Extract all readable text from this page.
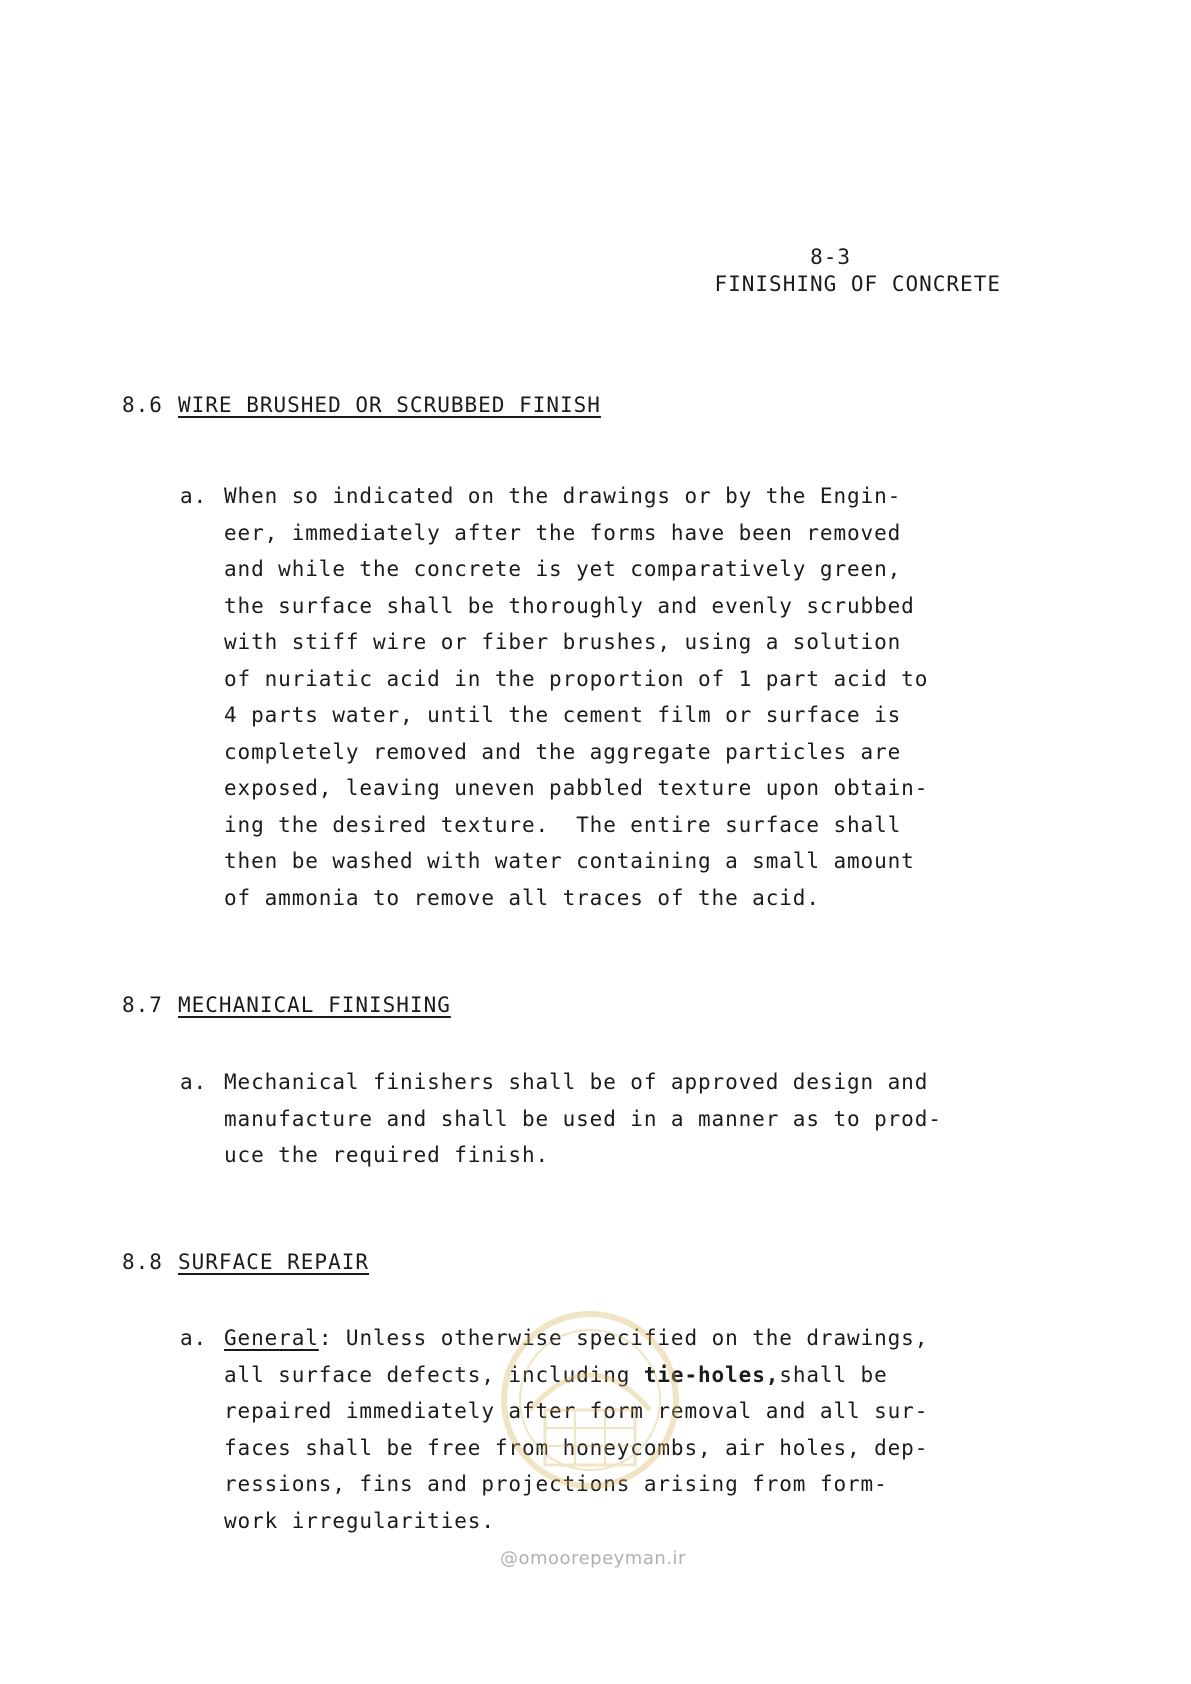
8-3
FINISHING OF CONCRETE
8.6 WIRE BRUSHED OR SCRUBBED FINISH
a. When so indicated on the drawings or by the Engin-
eer, immediately after the forms have been removed
and while the concrete is yet comparatively green,
the surface shall be thoroughly and evenly scrubbed
with stiff wire or fiber brushes, using a solution
of nuriatic acid in the proportion of 1 part acid to
4 parts water, until the cement film or surface is
completely removed and the aggregate particles are
exposed, leaving uneven pabbled texture upon obtain-
ing the desired texture.  The entire surface shall
then be washed with water containing a small amount
of ammonia to remove all traces of the acid.
8.7 MECHANICAL FINISHING
a. Mechanical finishers shall be of approved design and
manufacture and shall be used in a manner as to prod-
uce the required finish.
8.8 SURFACE REPAIR
a. General: Unless otherwise specified on the drawings,
all surface defects, including tie-holes,shall be
repaired immediately after form removal and all sur-
faces shall be free from honeycombs, air holes, dep-
ressions, fins and projections arising from form-
work irregularities.
@omoorepeyman.ir
